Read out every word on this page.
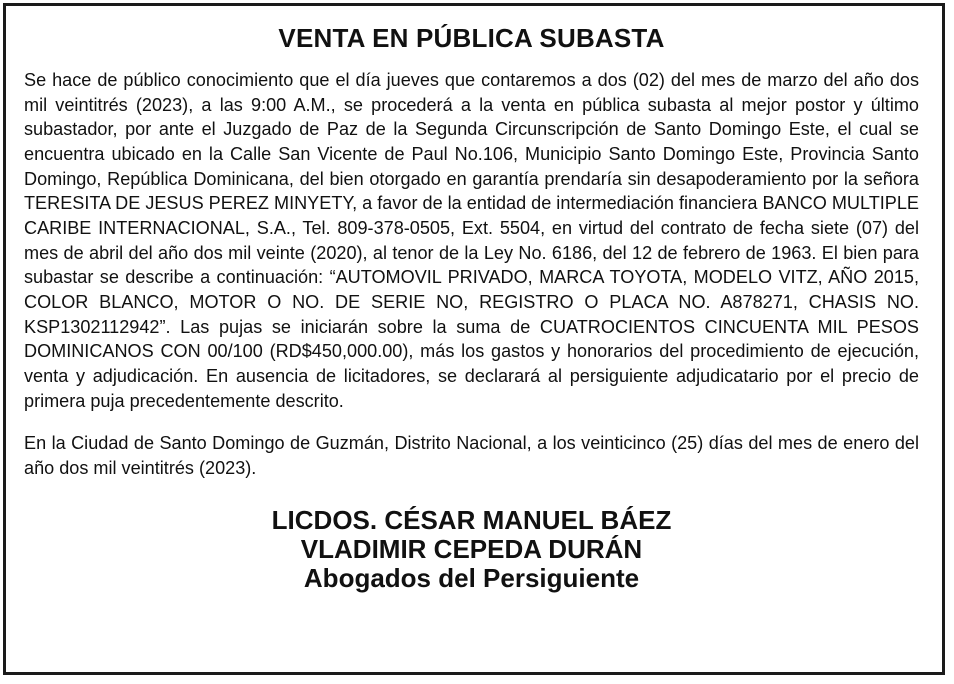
VENTA EN PÚBLICA SUBASTA

Se hace de público conocimiento que el día jueves que contaremos a dos (02) del mes de marzo del año dos mil veintitrés (2023), a las 9:00 A.M., se procederá a la venta en pública subasta al mejor postor y último subastador, por ante el Juzgado de Paz de la Segunda Circunscripción de Santo Domingo Este, el cual se encuentra ubicado en la Calle San Vicente de Paul No.106, Municipio Santo Domingo Este, Provincia Santo Domingo, República Dominicana, del bien otorgado en garantía prendaría sin desapoderamiento por la señora TERESITA DE JESUS PEREZ MINYETY, a favor de la entidad de intermediación financiera BANCO MULTIPLE CARIBE INTERNACIONAL, S.A., Tel. 809-378-0505, Ext. 5504, en virtud del contrato de fecha siete (07) del mes de abril del año dos mil veinte (2020), al tenor de la Ley No. 6186, del 12 de febrero de 1963. El bien para subastar se describe a continuación: “AUTOMOVIL PRIVADO, MARCA TOYOTA, MODELO VITZ, AÑO 2015, COLOR BLANCO, MOTOR O NO. DE SERIE NO, REGISTRO O PLACA NO. A878271, CHASIS NO. KSP1302112942”. Las pujas se iniciarán sobre la suma de CUATROCIENTOS CINCUENTA MIL PESOS DOMINICANOS CON 00/100 (RD$450,000.00), más los gastos y honorarios del procedimiento de ejecución, venta y adjudicación. En ausencia de licitadores, se declarará al persiguiente adjudicatario por el precio de primera puja precedentemente descrito.

En la Ciudad de Santo Domingo de Guzmán, Distrito Nacional, a los veinticinco (25) días del mes de enero del año dos mil veintitrés (2023).

LICDOS. CÉSAR MANUEL BÁEZ
VLADIMIR CEPEDA DURÁN
Abogados del Persiguiente
